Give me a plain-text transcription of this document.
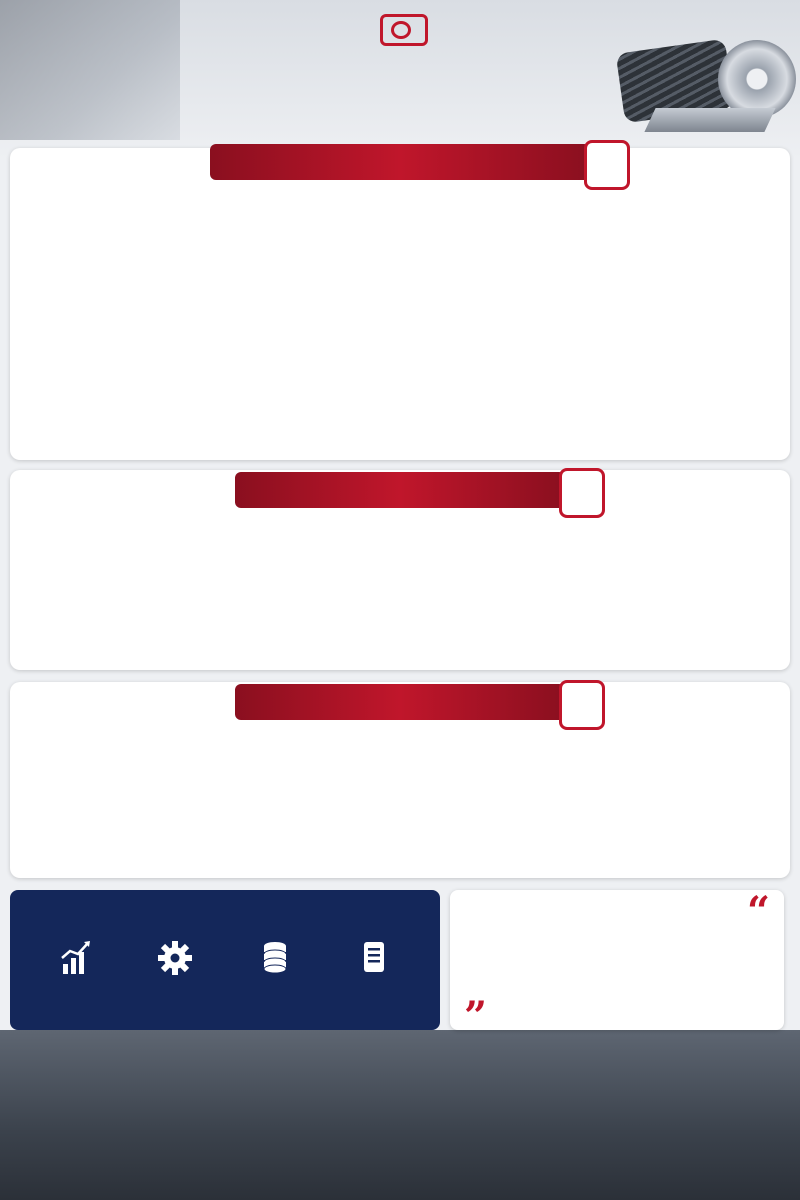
“
”
